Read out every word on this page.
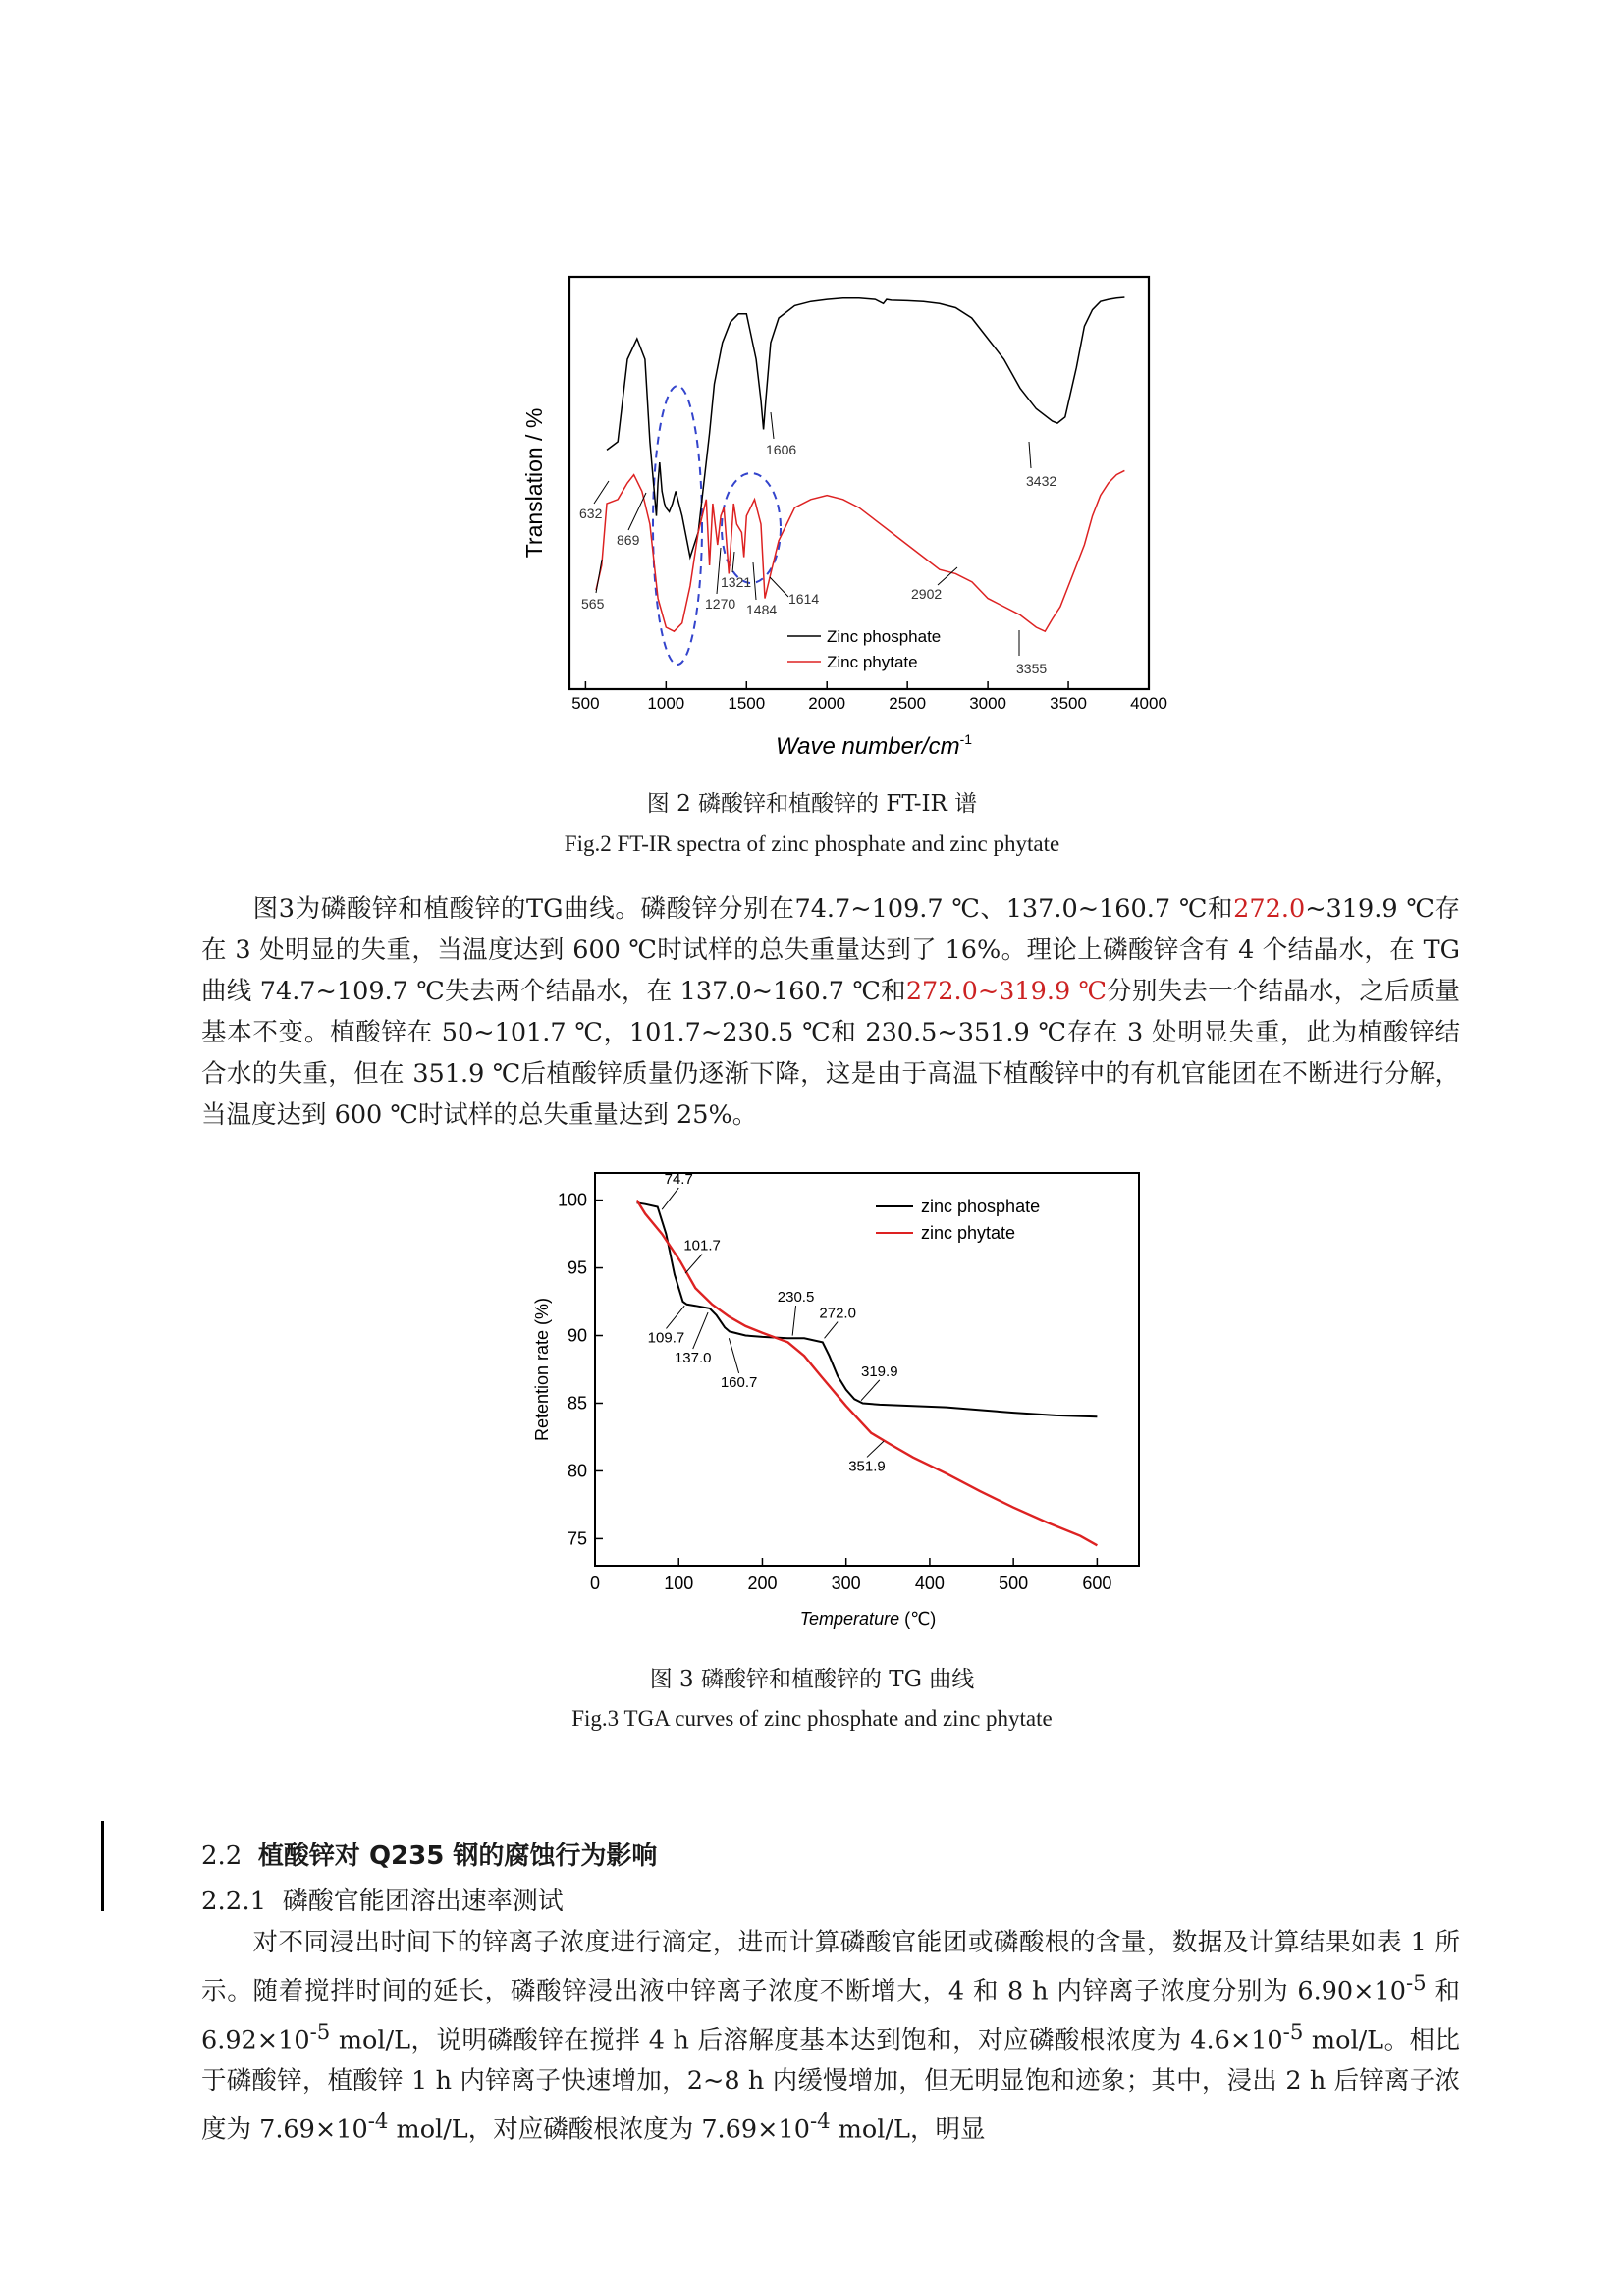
500	1000	1500	2000	2500	3000	3500	4000
632
869
565	1270
1321
1484
1614
1606
2902
3432
3355
Zinc phosphate
Zinc phytate
Translation / %
Wave number/$cm^{-1}$
图 2 磷酸锌和植酸锌的 FT-IR 谱
Fig.2 FT-IR spectra of zinc phosphate and zinc phytate

图3为磷酸锌和植酸锌的TG曲线。磷酸锌分别在74.7~109.7 ℃、137.0~160.7 ℃和272.0~319.9 ℃存在 3 处明显的失重，当温度达到 600 ℃时试样的总失重量达到了 16%。理论上磷酸锌含有 4 个结晶水，在 TG 曲线 74.7~109.7 ℃失去两个结晶水，在 137.0~160.7 ℃和272.0~319.9 ℃分别失去一个结晶水，之后质量基本不变。植酸锌在 50~101.7 ℃，101.7~230.5 ℃和 230.5~351.9 ℃存在 3 处明显失重，此为植酸锌结合水的失重，但在 351.9 ℃后植酸锌质量仍逐渐下降，这是由于高温下植酸锌中的有机官能团在不断进行分解，当温度达到 600 ℃时试样的总失重量达到 25%。

0	100	200	300	400	500	600
75
80
85
90
95
100
74.7
101.7
109.7
137.0
160.7
230.5
272.0
319.9
351.9
zinc phosphate
zinc phytate
Retention rate (%)
Temperature (℃)
图 3 磷酸锌和植酸锌的 TG 曲线
Fig.3 TGA curves of zinc phosphate and zinc phytate
2.2 植酸锌对 Q235 钢的腐蚀行为影响
2.2.1 磷酸官能团溶出速率测试

对不同浸出时间下的锌离子浓度进行滴定，进而计算磷酸官能团或磷酸根的含量，数据及计算结果如表 1 所示。随着搅拌时间的延长，磷酸锌浸出液中锌离子浓度不断增大，4 和 8 h 内锌离子浓度分别为 $6.90\times 10^{-5}$ 和 $6.92\times 10^{-5}$ mol/L，说明磷酸锌在搅拌 4 h 后溶解度基本达到饱和，对应磷酸根浓度为 $4.6\times 10^{-5}$ mol/L。相比于磷酸锌，植酸锌 1 h 内锌离子快速增加，2~8 h 内缓慢增加，但无明显饱和迹象；其中，浸出 2 h 后锌离子浓度为 $7.69\times 10^{-4}$ mol/L，对应磷酸根浓度为 $7.69\times 10^{-4}$ mol/L，明显
